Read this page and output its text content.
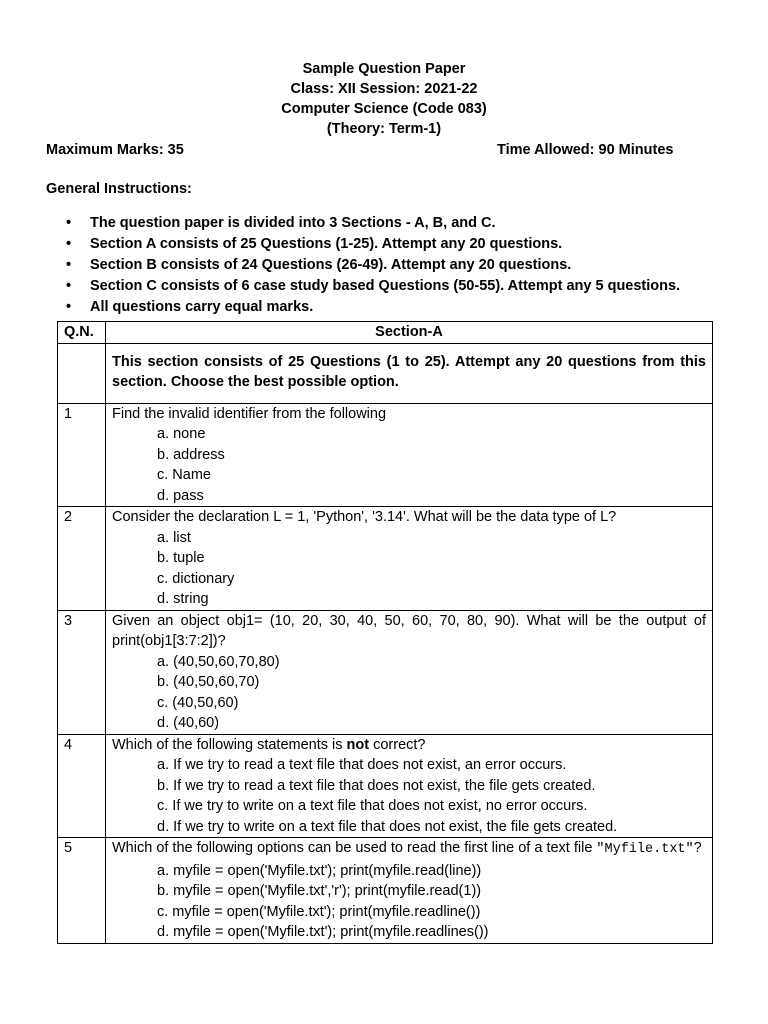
Sample Question Paper
Class: XII Session: 2021-22
Computer Science (Code 083)
(Theory: Term-1)
Maximum Marks: 35	Time Allowed: 90 Minutes
General Instructions:
• The question paper is divided into 3 Sections - A, B, and C.
• Section A consists of 25 Questions (1-25). Attempt any 20 questions.
• Section B consists of 24 Questions (26-49). Attempt any 20 questions.
• Section C consists of 6 case study based Questions (50-55). Attempt any 5 questions.
• All questions carry equal marks.
Q.N.	Section-A
	This section consists of 25 Questions (1 to 25). Attempt any 20 questions from this section. Choose the best possible option.
1	Find the invalid identifier from the following
a. none
b. address
c. Name
d. pass

2	Consider the declaration L = 1, 'Python', '3.14'. What will be the data type of L?
a. list
b. tuple
c. dictionary
d. string

3	Given an object obj1= (10, 20, 30, 40, 50, 60, 70, 80, 90). What will be the output of print(obj1[3:7:2])?
a. (40,50,60,70,80)
b. (40,50,60,70)
c. (40,50,60)
d. (40,60)

4	Which of the following statements is not correct?
a. If we try to read a text file that does not exist, an error occurs.
b. If we try to read a text file that does not exist, the file gets created.
c. If we try to write on a text file that does not exist, no error occurs.
d. If we try to write on a text file that does not exist, the file gets created.

5	Which of the following options can be used to read the first line of a text file "Myfile.txt"?
a. myfile = open('Myfile.txt'); print(myfile.read(line))
b. myfile = open('Myfile.txt','r'); print(myfile.read(1))
c. myfile = open('Myfile.txt'); print(myfile.readline())
d. myfile = open('Myfile.txt'); print(myfile.readlines())
